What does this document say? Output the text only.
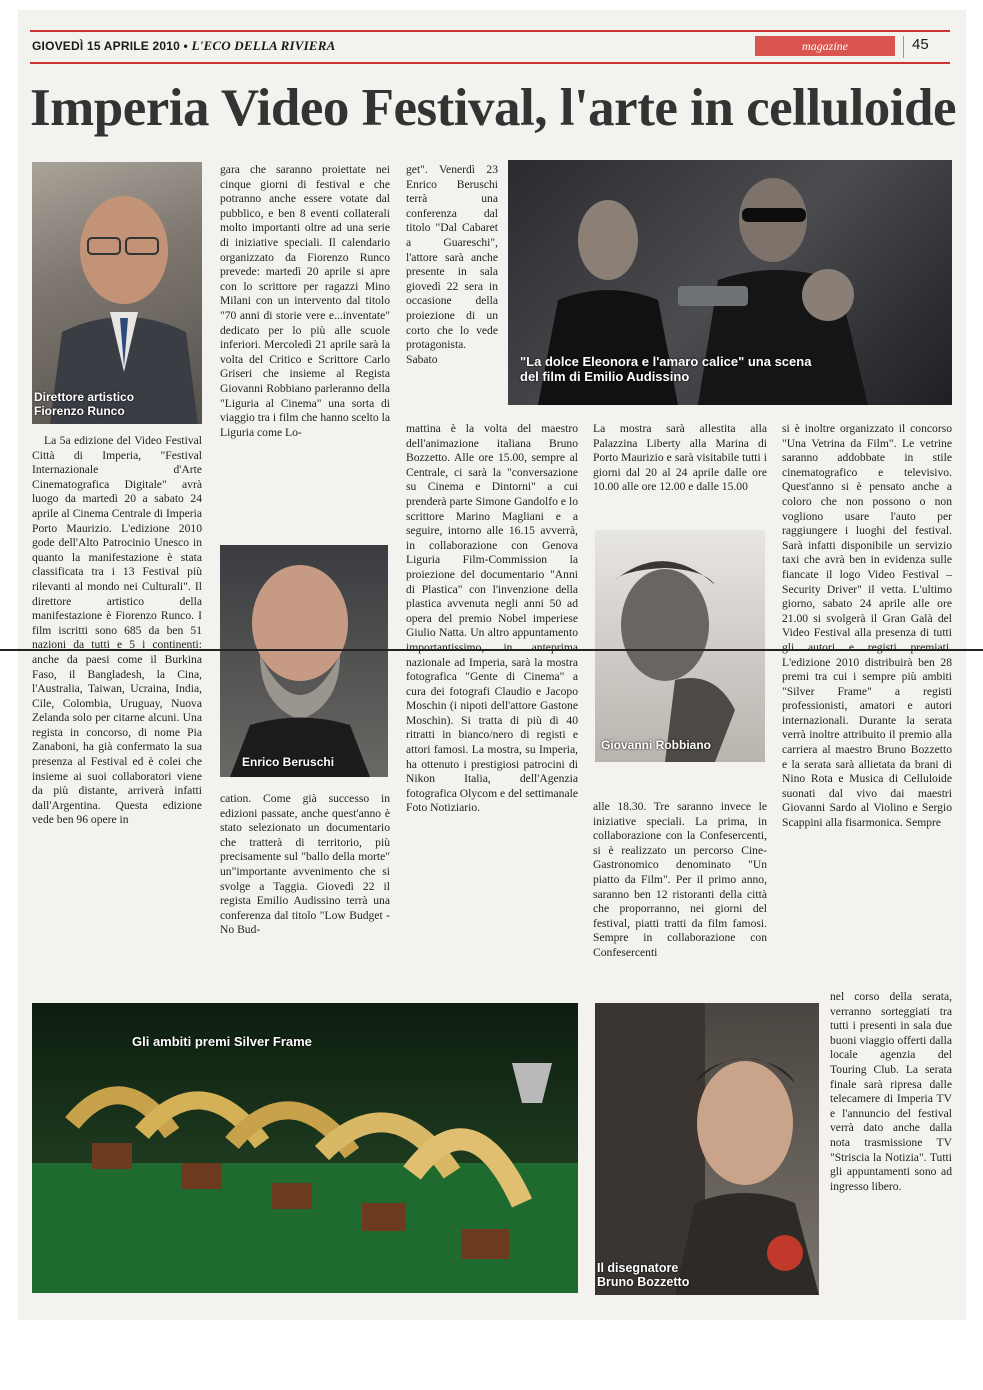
GIOVEDÌ 15 APRILE 2010 • L'ECO DELLA RIVIERA	magazine	45
Imperia Video Festival, l'arte in celluloide
Direttore artistico
Fiorenzo Runco
"La dolce Eleonora e l'amaro calice" una scena
del film di Emilio Audissino
Enrico Beruschi
Giovanni Robbiano
Gli ambiti premi Silver Frame
Il disegnatore
Bruno Bozzetto

La 5a edizione del Video Festival Città di Imperia, "Festival Internazionale d'Arte Cinematografica Digitale" avrà luogo da martedì 20 a sabato 24 aprile al Cinema Centrale di Imperia Porto Maurizio. L'edizione 2010 gode dell'Alto Patrocinio Unesco in quanto la manifestazione è stata classificata tra i 13 Festival più rilevanti al mondo nei Culturali". Il direttore artistico della manifestazione è Fiorenzo Runco. I film iscritti sono 685 da ben 51 nazioni da tutti e 5 i continenti: anche da paesi come il Burkina Faso, il Bangladesh, la Cina, l'Australia, Taiwan, Ucraina, India, Cile, Colombia, Uruguay, Nuova Zelanda solo per citarne alcuni. Una regista in concorso, di nome Pia Zanaboni, ha già confermato la sua presenza al Festival ed è colei che insieme ai suoi collaboratori viene da più distante, arriverà infatti dall'Argentina. Questa edizione vede ben 96 opere in

gara che saranno proiettate nei cinque giorni di festival e che potranno anche essere votate dal pubblico, e ben 8 eventi collaterali molto importanti oltre ad una serie di iniziative speciali. Il calendario organizzato da Fiorenzo Runco prevede: martedì 20 aprile si apre con lo scrittore per ragazzi Mino Milani con un intervento dal titolo "70 anni di storie vere e...inventate" dedicato per lo più alle scuole inferiori. Mercoledì 21 aprile sarà la volta del Critico e Scrittore Carlo Griseri che insieme al Regista Giovanni Robbiano parleranno della "Liguria al Cinema" una sorta di viaggio tra i film che hanno scelto la Liguria come Lo-

cation. Come già successo in edizioni passate, anche quest'anno è stato selezionato un documentario che tratterà di territorio, più precisamente sul "ballo della morte" un"importante avvenimento che si svolge a Taggia. Giovedì 22 il regista Emilio Audissino terrà una conferenza dal titolo "Low Budget - No Bud-

get". Venerdì 23 Enrico Beruschi terrà una conferenza dal titolo "Dal Cabaret a Guareschi", l'attore sarà anche presente in sala giovedì 22 sera in occasione della proiezione di un corto che lo vede protagonista. Sabato

mattina è la volta del maestro dell'animazione italiana Bruno Bozzetto. Alle ore 15.00, sempre al Centrale, ci sarà la "conversazione su Cinema e Dintorni" a cui prenderà parte Simone Gandolfo e lo scrittore Marino Magliani e a seguire, intorno alle 16.15 avverrà, in collaborazione con Genova Liguria Film-Commission la proiezione del documentario "Anni di Plastica" con l'invenzione della plastica avvenuta negli anni 50 ad opera del premio Nobel imperiese Giulio Natta. Un altro appuntamento importantissimo, in anteprima nazionale ad Imperia, sarà la mostra fotografica "Gente di Cinema" a cura dei fotografi Claudio e Jacopo Moschin (i nipoti dell'attore Gastone Moschin). Si tratta di più di 40 ritratti in bianco/nero di registi e attori famosi. La mostra, su Imperia, ha ottenuto i prestigiosi patrocini di Nikon Italia, dell'Agenzia fotografica Olycom e del settimanale Foto Notiziario.

La mostra sarà allestita alla Palazzina Liberty alla Marina di Porto Maurizio e sarà visitabile tutti i giorni dal 20 al 24 aprile dalle ore 10.00 alle ore 12.00 e dalle 15.00

alle 18.30. Tre saranno invece le iniziative speciali. La prima, in collaborazione con la Confesercenti, si è realizzato un percorso Cine-Gastronomico denominato "Un piatto da Film". Per il primo anno, saranno ben 12 ristoranti della città che proporranno, nei giorni del festival, piatti tratti da film famosi. Sempre in collaborazione con Confesercenti

si è inoltre organizzato il concorso "Una Vetrina da Film". Le vetrine saranno addobbate in stile cinematografico e televisivo. Quest'anno si è pensato anche a coloro che non possono o non vogliono usare l'auto per raggiungere i luoghi del festival. Sarà infatti disponibile un servizio taxi che avrà ben in evidenza sulle fiancate il logo Video Festival – Security Driver" il vetta. L'ultimo giorno, sabato 24 aprile alle ore 21.00 si svolgerà il Gran Galà del Video Festival alla presenza di tutti gli autori e registi premiati. L'edizione 2010 distribuirà ben 28 premi tra cui i sempre più ambiti "Silver Frame" a registi professionisti, amatori e autori internazionali. Durante la serata verrà inoltre attribuito il premio alla carriera al maestro Bruno Bozzetto e la serata sarà allietata da brani di Nino Rota e Musica di Celluloide suonati dal vivo dai maestri Giovanni Sardo al Violino e Sergio Scappini alla fisarmonica. Sempre

nel corso della serata, verranno sorteggiati tra tutti i presenti in sala due buoni viaggio offerti dalla locale agenzia del Touring Club. La serata finale sarà ripresa dalle telecamere di Imperia TV e l'annuncio del festival verrà dato anche dalla nota trasmissione TV "Striscia la Notizia". Tutti gli appuntamenti sono ad ingresso libero.
